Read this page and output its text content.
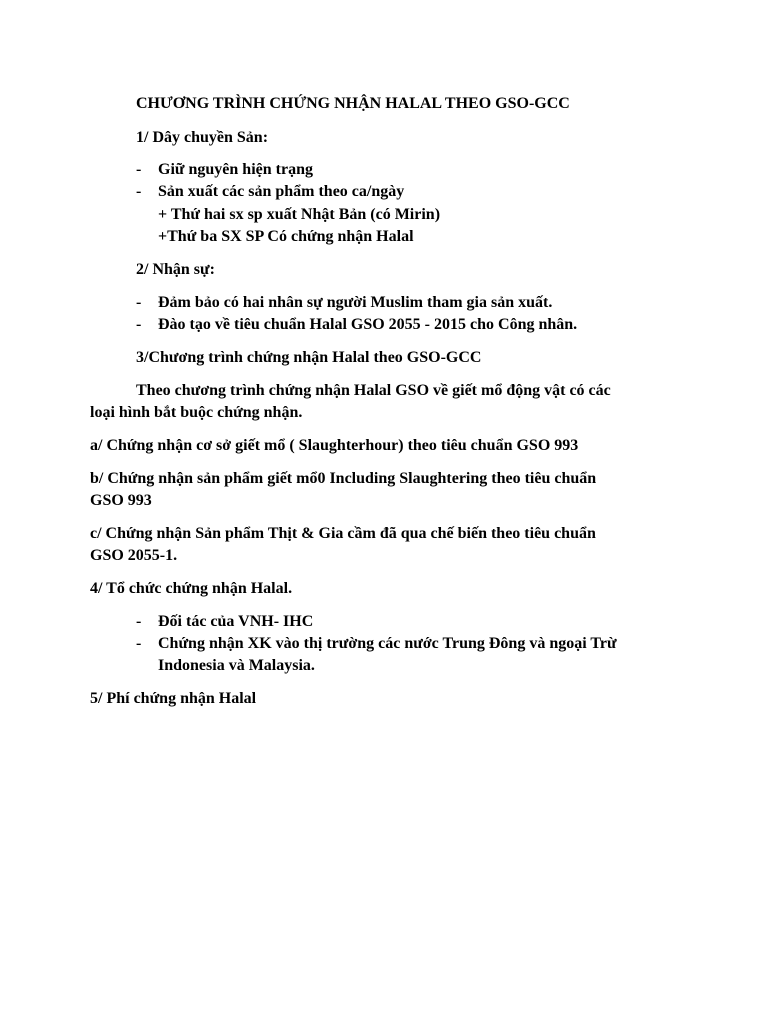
CHƯƠNG TRÌNH CHỨNG NHẬN HALAL THEO GSO-GCC
1/ Dây chuyền Sản:
- Giữ nguyên hiện trạng
- Sản xuất các sản phẩm theo ca/ngày
+ Thứ hai sx sp xuất Nhật Bản (có Mirin)
+Thứ ba SX SP Có chứng nhận Halal
2/ Nhận sự:
- Đảm bảo có hai nhân sự người Muslim tham gia sản xuất.
- Đào tạo về tiêu chuẩn Halal GSO 2055 - 2015 cho Công nhân.
3/Chương trình chứng nhận Halal theo GSO-GCC
Theo chương trình chứng nhận Halal GSO về giết mổ động vật có các
loại hình bắt buộc chứng nhận.
a/ Chứng nhận cơ sở giết mổ ( Slaughterhour) theo tiêu chuẩn GSO 993
b/ Chứng nhận sản phẩm giết mổ0 Including Slaughtering theo tiêu chuẩn
GSO 993
c/ Chứng nhận Sản phẩm Thịt & Gia cầm đã qua chế biến theo tiêu chuẩn
GSO 2055-1.
4/ Tổ chức chứng nhận Halal.
- Đối tác của VNH- IHC
- Chứng nhận XK vào thị trường các nước Trung Đông và ngoại Trừ
Indonesia và Malaysia.
5/ Phí chứng nhận Halal
